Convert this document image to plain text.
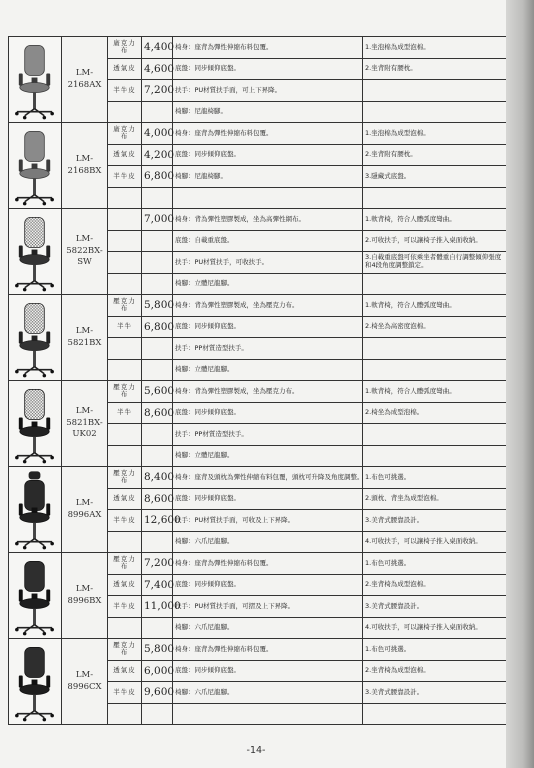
LM-
2168AX	廣克力布	4,400	椅身：座背為彈性伸縮布料包覆。	1.坐泡棉為成型泡棉。
		透氣皮	4,600	底盤：同步傾仰底盤。	2.坐背附有腰枕。
		半牛皮	7,200	扶手：PU材質扶手面，可上下昇降。	
				椅腳：尼龍椅腳。	

LM-
2168BX	廣克力布	4,000	椅身：座背為彈性伸縮布料包覆。	1.坐泡棉為成型泡棉。
		透氣皮	4,200	底盤：同步傾仰底盤。	2.坐背附有腰枕。
		半牛皮	6,800	椅腳：尼龍椅腳。	3.隱藏式底盤。

LM-
5822BX-
SW		7,000	椅身：背為彈性塑膠製成，坐為高彈性網布。	1.軟背椅，符合人體弧度彎曲。
				底盤：自載重底盤。	2.可收扶手，可以讓椅子推入桌面收納。
				扶手：PU材質扶手，可收扶手。	3.自載重底盤可依乘坐者體重自行調整傾仰張度和4段角度調整鎖定。
				椅腳：立體尼龍腳。	

LM-
5821BX	壓克力布	5,800	椅身：背為彈性塑膠製成，坐為壓克力布。	1.軟背椅，符合人體弧度彎曲。
		半牛	6,800	底盤：同步傾仰底盤。	2.椅坐為高密度泡棉。
				扶手：PP材質造型扶手。	
				椅腳：立體尼龍腳。	

LM-
5821BX-
UK02	壓克力布	5,600	椅身：背為彈性塑膠製成，坐為壓克力布。	1.軟背椅，符合人體弧度彎曲。
		半牛	8,600	底盤：同步傾仰底盤。	2.椅坐為成型泡棉。
				扶手：PP材質造型扶手。	
				椅腳：立體尼龍腳。	

LM-
8996AX	壓克力布	8,400	椅身：座背及頭枕為彈性伸縮布料包覆，頭枕可升降及角度調整。	1.布色可挑選。
		透氣皮	8,600	底盤：同步傾仰底盤。	2.頭枕、背坐為成型泡棉。
		半牛皮	12,600	扶手：PU材質扶手面，可收及上下昇降。	3.美背式腰靠設計。
				椅腳：六爪尼龍腳。	4.可收扶手，可以讓椅子推入桌面收納。

LM-
8996BX	壓克力布	7,200	椅身：座背為彈性伸縮布料包覆。	1.布色可挑選。
		透氣皮	7,400	底盤：同步傾仰底盤。	2.坐背椅為成型泡棉。
		半牛皮	11,000	扶手：PU材質扶手面，可摺及上下昇降。	3.美背式腰靠設計。
				椅腳：六爪尼龍腳。	4.可收扶手，可以讓椅子推入桌面收納。

LM-
8996CX	壓克力布	5,800	椅身：座背為彈性伸縮布料包覆。	1.布色可挑選。
		透氣皮	6,000	底盤：同步傾仰底盤。	2.坐背椅為成型泡棉。
		半牛皮	9,600	椅腳：六爪尼龍腳。	3.美背式腰靠設計。

-14-
